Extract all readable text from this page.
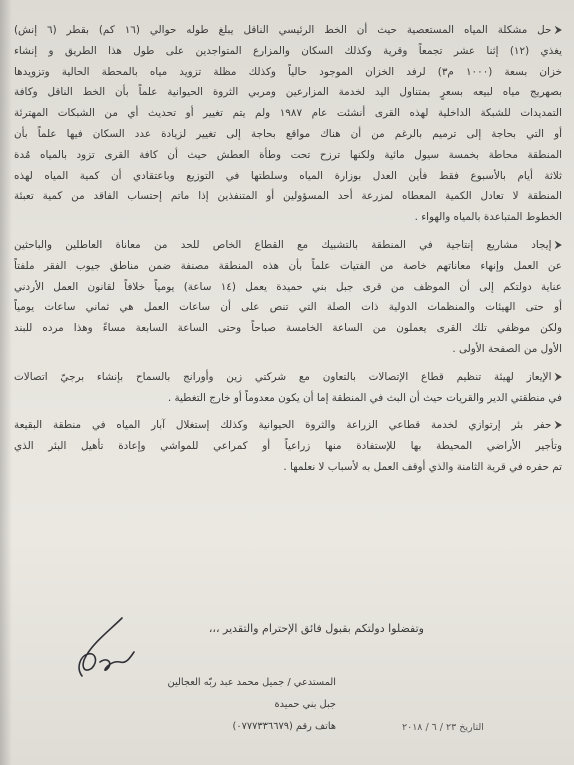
⮞حل مشكلة المياه المستعصية حيث أن الخط الرئيسي الناقل يبلغ طوله حوالي (١٦ كم) بقطر (٦ إنش)
يغذي (١٢) إثنا عشر تجمعاً وقرية وكذلك السكان والمزارع المتواجدين على طول هذا الطريق و إنشاء
خزان بسعة (١٠٠٠ م٣) لرفد الخزان الموجود حالياً وكذلك مظلة تزويد مياه بالمحطة الحالية وتزويدها
بصهريج مياه لبيعه بسعرٍ بمتناول اليد لخدمة المزارعين ومربي الثروة الحيوانية علماً بأن الخط الناقل وكافة
التمديدات للشبكة الداخلية لهذه القرى أنشئت عام ١٩٨٧ ولم يتم تغيير أو تحديث أي من الشبكات المهترئة
أو التي بحاجة إلى ترميم بالرغم من أن هناك مواقع بحاجة إلى تغيير لزيادة عدد السكان فيها علماً بأن
المنطقة محاطة بخمسة سيول مائية ولكنها ترزح تحت وطأة العطش حيث أن كافة القرى تزود بالمياه مُدة
ثلاثة أيام بالأسبوع فقط فأين العدل بوزارة المياه وسلطتها في التوزيع وباعتقادي أن كمية المياه لهذه
المنطقة لا تعادل الكمية المعطاه لمزرعة أحد المسؤولين أو المتنفذين إذا ماتم إحتساب الفاقد من كمية تعبئة
الخطوط المتباعدة بالمياه والهواء .
⮞إيجاد مشاريع إنتاجية في المنطقة بالتشبيك مع القطاع الخاص للحد من معاناة العاطلين والباحثين
عن العمل وإنهاء معاناتهم خاصة من الفتيات علماً بأن هذه المنطقة مصنفة ضمن مناطق جيوب الفقر ملفتاً
عناية دولتكم إلى أن الموظف من قرى جبل بني حميدة يعمل (١٤ ساعة) يومياً خلافاً لقانون العمل الأردني
أو حتى الهيئات والمنظمات الدولية ذات الصلة التي تنص على أن ساعات العمل هي ثماني ساعات يومياً
ولكن موظفي تلك القرى يعملون من الساعة الخامسة صباحاً وحتى الساعة السابعة مساءً وهذا مرده للبند
الأول من الصفحة الأولى .
⮞الإيعاز لهيئة تنظيم قطاع الإتصالات بالتعاون مع شركتي زين وأورانج بالسماح بإنشاء برجيّ اتصالات
في منطقتي الدير والقريات حيث أن البث في المنطقة إما أن يكون معدوماً أو خارج التغطية .
⮞حفر بئر إرتوازي لخدمة قطاعي الزراعة والثروة الحيوانية وكذلك إستغلال آبار المياه في منطقة البقيعة
وتأجير الأراضي المحيطة بها للإستفادة منها زراعياً أو كمراعي للمواشي وإعادة تأهيل البئر الذي
تم حفره في قرية الثامنة والذي أوقف العمل به لأسباب لا نعلمها .
وتفضلوا دولتكم بقبول فائق الإحترام والتقدير ،،،
المستدعي / جميل محمد عبد ربّه العجالين
جبل بني حميدة
هاتف رقم (٠٧٧٧٣٣٦٦٧٩)	التاريخ ٢٣ / ٦ / ٢٠١٨
